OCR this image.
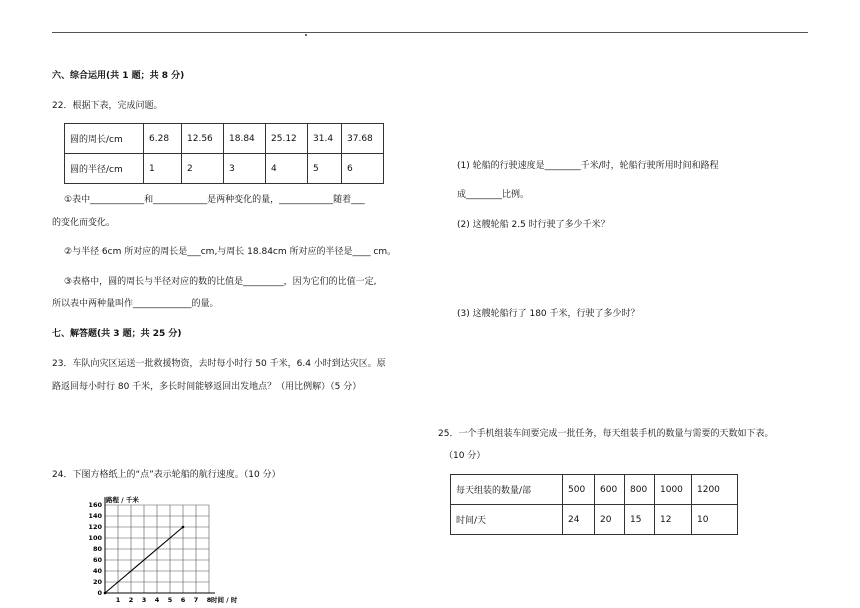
六、综合运用(共 1 题；共 8 分)
22．根据下表，完成问题。
圆的周长/cm	6.28	12.56	18.84	25.12	31.4	37.68
圆的半径/cm	1	2	3	4	5	6
①表中____________和____________是两种变化的量，____________随着___
的变化而变化。
②与半径 6cm 所对应的周长是___cm,与周长 18.84cm 所对应的半径是____ cm。
③表格中，圆的周长与半径对应的数的比值是_________，因为它们的比值一定,
所以表中两种量叫作_____________的量。
七、解答题(共 3 题；共 25 分)
23．车队向灾区运送一批救援物资，去时每小时行 50 千米，6.4 小时到达灾区。原
路返回每小时行 80 千米，多长时间能够返回出发地点？（用比例解）（5 分）
24．下图方格纸上的“点”表示轮船的航行速度。（10 分）
1 2 3 4 5 6 7 8
0
20
40
60
80
100
120
140
160
路程 / 千米
时间 / 时
(1) 轮船的行驶速度是________千米/时，轮船行驶所用时间和路程
成________比例。
(2) 这艘轮船 2.5 时行驶了多少千米？
(3) 这艘轮船行了 180 千米，行驶了多少时？
25．一个手机组装车间要完成一批任务，每天组装手机的数量与需要的天数如下表。
（10 分）
每天组装的数量/部	500	600	800	1000	1200
时间/天	24	20	15	12	10
